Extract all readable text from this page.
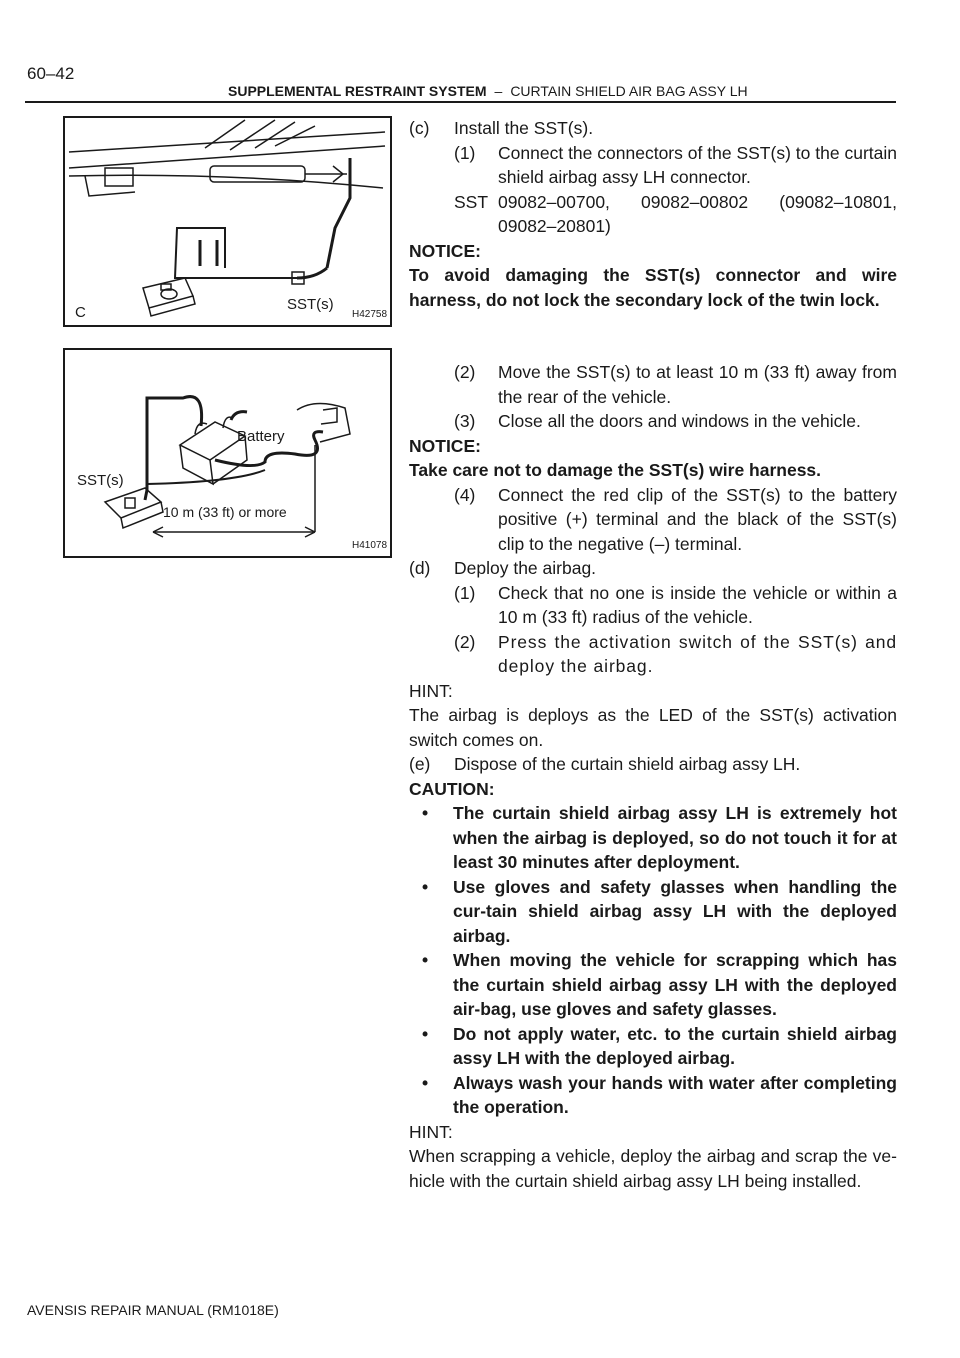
60–42
SUPPLEMENTAL RESTRAINT SYSTEM – CURTAIN SHIELD AIR BAG ASSY LH
C	SST(s)
H42758
Battery
SST(s)
10 m (33 ft) or more
H41078
(c)	Install the SST(s).
(1)	Connect the connectors of the SST(s) to the curtain shield airbag assy LH connector.
SST 09082–00700, 09082–00802 (09082–10801, 09082–20801)

NOTICE:

To avoid damaging the SST(s) connector and wire harness, do not lock the secondary lock of the twin lock.

(2)	Move the SST(s) to at least 10 m (33 ft) away from the rear of the vehicle.
(3)	Close all the doors and windows in the vehicle.

NOTICE:

Take care not to damage the SST(s) wire harness.

(4)	Connect the red clip of the SST(s) to the battery positive (+) terminal and the black of the SST(s) clip to the negative (–) terminal.
(d)	Deploy the airbag.
(1)	Check that no one is inside the vehicle or within a 10 m (33 ft) radius of the vehicle.
(2)	Press the activation switch of the SST(s) and deploy the airbag.

HINT:

The airbag is deploys as the LED of the SST(s) activation switch comes on.

(e)	Dispose of the curtain shield airbag assy LH.

CAUTION:

•	The curtain shield airbag assy LH is extremely hot when the airbag is deployed, so do not touch it for at least 30 minutes after deployment.
•	Use gloves and safety glasses when handling the cur-tain shield airbag assy LH with the deployed airbag.
•	When moving the vehicle for scrapping which has the curtain shield airbag assy LH with the deployed air-bag, use gloves and safety glasses.
•	Do not apply water, etc. to the curtain shield airbag assy LH with the deployed airbag.
•	Always wash your hands with water after completing the operation.

HINT:

When scrapping a vehicle, deploy the airbag and scrap the ve-hicle with the curtain shield airbag assy LH being installed.

AVENSIS REPAIR MANUAL (RM1018E)
